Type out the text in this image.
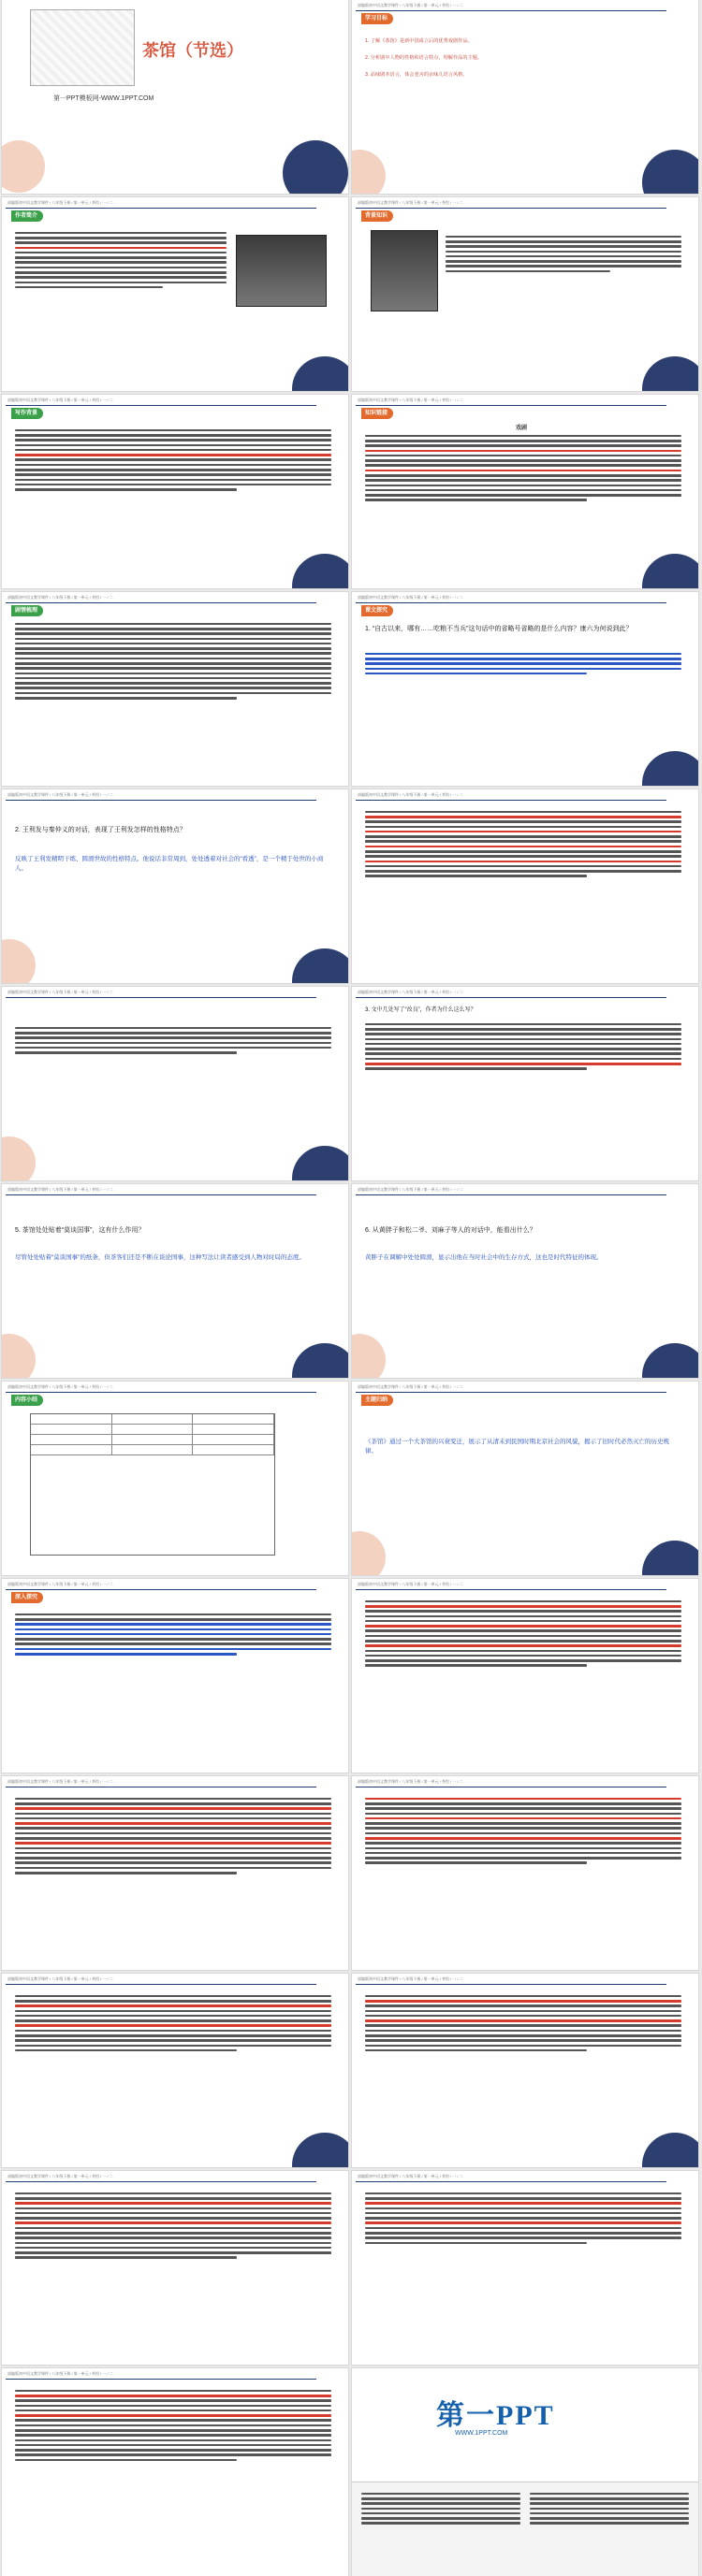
茶馆（节选）
第一PPT模板网-WWW.1PPT.COM
部编版初中语文教学课件 / 八年级下册 / 第一单元 / 茶馆 / 一 / 二
学习目标
1. 了解《茶馆》是新中国成立后的优秀戏剧作品。
2. 分析剧中人物的性格和语言特点，理解作品的主题。
3. 品味剧本语言，体会老舍的京味儿语言风格。
部编版初中语文教学课件 / 八年级下册 / 第一单元 / 茶馆 / 一 / 二
作者简介
部编版初中语文教学课件 / 八年级下册 / 第一单元 / 茶馆 / 一 / 二
背景知识
部编版初中语文教学课件 / 八年级下册 / 第一单元 / 茶馆 / 一 / 二
写作背景
部编版初中语文教学课件 / 八年级下册 / 第一单元 / 茶馆 / 一 / 二
知识链接
戏剧
部编版初中语文教学课件 / 八年级下册 / 第一单元 / 茶馆 / 一 / 二
剧情梳理
部编版初中语文教学课件 / 八年级下册 / 第一单元 / 茶馆 / 一 / 二
课文探究
1. “自古以来，哪有……吃粮不当兵”这句话中的省略号省略的是什么内容？康六为何说到此？
部编版初中语文教学课件 / 八年级下册 / 第一单元 / 茶馆 / 一 / 二
2. 王利发与秦仲义的对话，表现了王利发怎样的性格特点？
反映了王利发精明干练、圆滑世故的性格特点。他说话非常周到，处处透着对社会的“看透”，是一个精于处世的小商人。
部编版初中语文教学课件 / 八年级下册 / 第一单元 / 茶馆 / 一 / 二
部编版初中语文教学课件 / 八年级下册 / 第一单元 / 茶馆 / 一 / 二	部编版初中语文教学课件 / 八年级下册 / 第一单元 / 茶馆 / 一 / 二
3. 文中几处写了“改良”，作者为什么这么写？
部编版初中语文教学课件 / 八年级下册 / 第一单元 / 茶馆 / 一 / 二
5. 茶馆处处贴着“莫谈国事”，这有什么作用？
尽管处处贴着“莫谈国事”的纸条，但茶客们还是不断在谈论国事，这种写法让读者感受到人物对时局的态度。
部编版初中语文教学课件 / 八年级下册 / 第一单元 / 茶馆 / 一 / 二
6. 从黄胖子和松二爷、刘麻子等人的对话中，能看出什么？
黄胖子在调解中处处圆滑，显示出他在当时社会中的生存方式，这也是时代特征的体现。
部编版初中语文教学课件 / 八年级下册 / 第一单元 / 茶馆 / 一 / 二
内容小结
部编版初中语文教学课件 / 八年级下册 / 第一单元 / 茶馆 / 一 / 二
主题归纳
《茶馆》通过一个大茶馆的兴衰变迁，展示了从清末到民国时期北京社会的风貌，揭示了旧时代必然灭亡的历史规律。
部编版初中语文教学课件 / 八年级下册 / 第一单元 / 茶馆 / 一 / 二
深入探究
部编版初中语文教学课件 / 八年级下册 / 第一单元 / 茶馆 / 一 / 二
部编版初中语文教学课件 / 八年级下册 / 第一单元 / 茶馆 / 一 / 二	部编版初中语文教学课件 / 八年级下册 / 第一单元 / 茶馆 / 一 / 二
部编版初中语文教学课件 / 八年级下册 / 第一单元 / 茶馆 / 一 / 二	部编版初中语文教学课件 / 八年级下册 / 第一单元 / 茶馆 / 一 / 二
部编版初中语文教学课件 / 八年级下册 / 第一单元 / 茶馆 / 一 / 二	部编版初中语文教学课件 / 八年级下册 / 第一单元 / 茶馆 / 一 / 二
部编版初中语文教学课件 / 八年级下册 / 第一单元 / 茶馆 / 一 / 二
第一PPT
WWW.1PPT.COM
